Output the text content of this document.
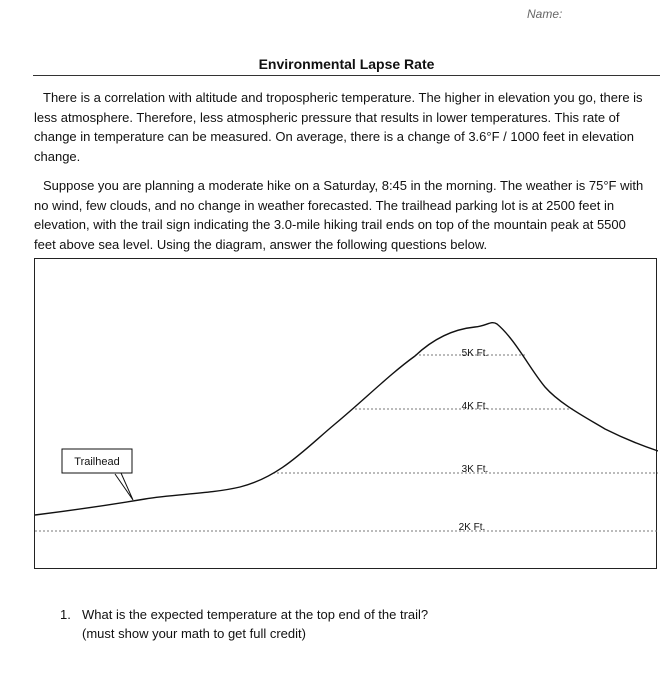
Name:
Environmental Lapse Rate

There is a correlation with altitude and tropospheric temperature. The higher in elevation you go, there is less atmosphere. Therefore, less atmospheric pressure that results in lower temperatures. This rate of change in temperature can be measured. On average, there is a change of 3.6°F / 1000 feet in elevation change.

Suppose you are planning a moderate hike on a Saturday, 8:45 in the morning. The weather is 75°F with no wind, few clouds, and no change in weather forecasted. The trailhead parking lot is at 2500 feet in elevation, with the trail sign indicating the 3.0-mile hiking trail ends on top of the mountain peak at 5500 feet above sea level. Using the diagram, answer the following questions below.

Trailhead
5K Ft.
4K Ft.
3K Ft.
2K Ft.
1. What is the expected temperature at the top end of the trail?
(must show your math to get full credit)
